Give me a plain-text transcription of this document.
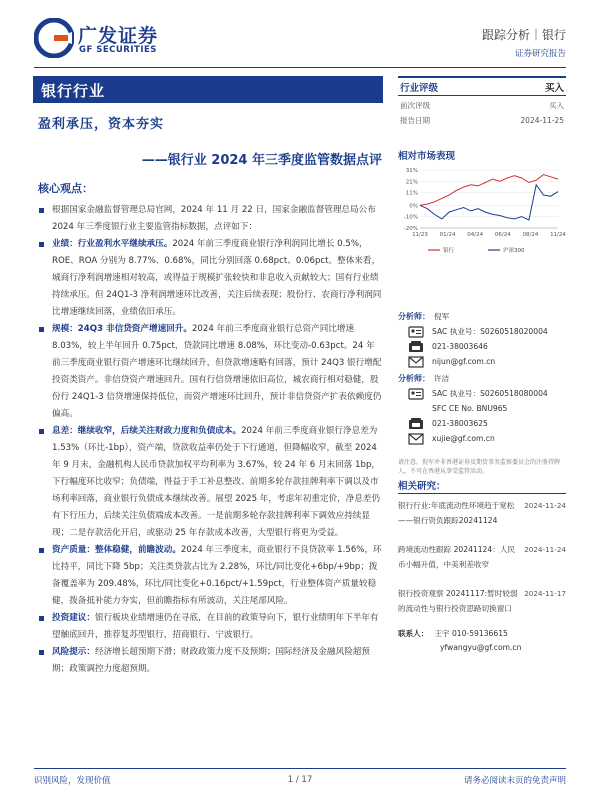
广发证券
GF SECURITIES
跟踪分析｜银行
证券研究报告
银行行业
盈利承压，资本夯实
——银行业 2024 年三季度监管数据点评
核心观点：
根据国家金融监督管理总局官网，2024 年 11 月 22 日，国家金融监督管理总局公布 2024 年三季度银行业主要监管指标数据，点评如下：
业绩：行业盈利水平继续承压。2024 年前三季度商业银行净利润同比增长 0.5%，ROE、ROA 分别为 8.77%、0.68%，同比分别回落 0.68pct、0.06pct。整体来看，城商行净利润增速相对较高，或得益于规模扩张较快和非息收入贡献较大；国有行业绩持续承压。但 24Q1-3 净利润增速环比改善，关注后续表现；股份行、农商行净利润同比增速继续回落，业绩依旧承压。
规模：24Q3 非信贷资产增速回升。2024 年前三季度商业银行总资产同比增速 8.03%，较上半年回升 0.75pct，贷款同比增速 8.08%，环比变动-0.63pct。24 年前三季度商业银行资产增速环比继续回升，但贷款增速略有回落，预计 24Q3 银行增配投资类资产。非信贷资产增速回升。国有行信贷增速依旧高位，城农商行相对稳健，股份行 24Q1-3 信贷增速保持低位，而资产增速环比回升，预计非信贷资产扩表依赖度仍偏高。
息差：继续收窄，后续关注财政力度和负债成本。2024 年前三季度商业银行净息差为 1.53%（环比-1bp），资产端，贷款收益率仍处于下行通道，但降幅收窄，截至 2024 年 9 月末，金融机构人民币贷款加权平均利率为 3.67%，较 24 年 6 月末回落 1bp，下行幅度环比收窄；负债端，得益于手工补息整改、前期多轮存款挂牌利率下调以及市场利率回落，商业银行负债成本继续改善。展望 2025 年，考虑年初重定价，净息差仍有下行压力，后续关注负债端成本改善。一是前期多轮存款挂牌利率下调效应持续显现；二是存款活化开启，或驱动 25 年存款成本改善，大型银行将更为受益。
资产质量：整体稳健，前瞻波动。2024 年三季度末，商业银行不良贷款率 1.56%，环比持平，同比下降 5bp；关注类贷款占比为 2.28%，环比/同比变化+6bp/+9bp；拨备覆盖率为 209.48%，环比/同比变化+0.16pct/+1.59pct，行业整体资产质量较稳健，拨备抵补能力夯实，但前瞻指标有所波动，关注尾部风险。
投资建议：银行板块业绩增速仍在寻底，在目前的政策导向下，银行业绩明年下半年有望触底回升，推荐复苏型银行，招商银行、宁波银行。
风险提示：经济增长超预期下滑；财政政策力度不及预期；国际经济及金融风险超预期；政策调控力度超预期。
行业评级	买入
前次评级	买入
报告日期	2024-11-25
相对市场表现
31%
21%
11%
0%
-10%
-20%
11/23 01/24 04/24 06/24 08/24 11/24
银行	沪深300
分析师： 倪军
SAC 执业号：S0260518020004
021-38003646
nijun@gf.com.cn
分析师： 许洁
SAC 执业号：S0260518080004
SFC CE No. BNU965
021-38003625
xujie@gf.com.cn
请注意，倪军并非香港证券及期货事务监察委员会的注册持牌人，不可在香港从事受监管活动。
相关研究：
银行行业:年底流动性环境趋于宽松——银行资负跟踪20241124
2024-11-24
跨境流动性跟踪 20241124：人民币小幅升值，中美利差收窄
2024-11-24
银行投资观察 20241117:暂时较弱的流动性与银行投资思路切换窗口
2024-11-17
联系人： 王宇 010-59136615
yfwangyu@gf.com.cn
识别风险，发现价值	1 / 17	请务必阅读末页的免责声明
